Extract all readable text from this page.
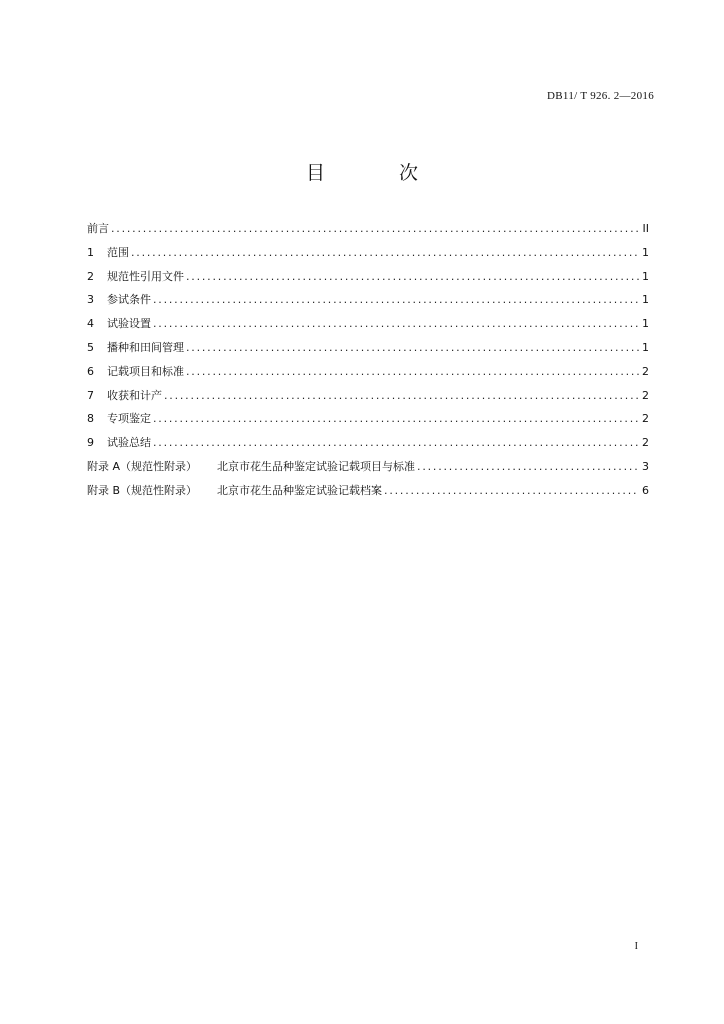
DB11/ T 926. 2—2016
目 次
前言 .....	II
1	范围 .....	1
2	规范性引用文件 .....	1
3	参试条件 .....	1
4	试验设置 .....	1
5	播种和田间管理 .....	1
6	记载项目和标准 .....	2
7	收获和计产 .....	2
8	专项鉴定 .....	2
9	试验总结 .....	2
附录 A（规范性附录） 北京市花生品种鉴定试验记载项目与标准 .....	3
附录 B（规范性附录） 北京市花生品种鉴定试验记载档案 .....	6
I
